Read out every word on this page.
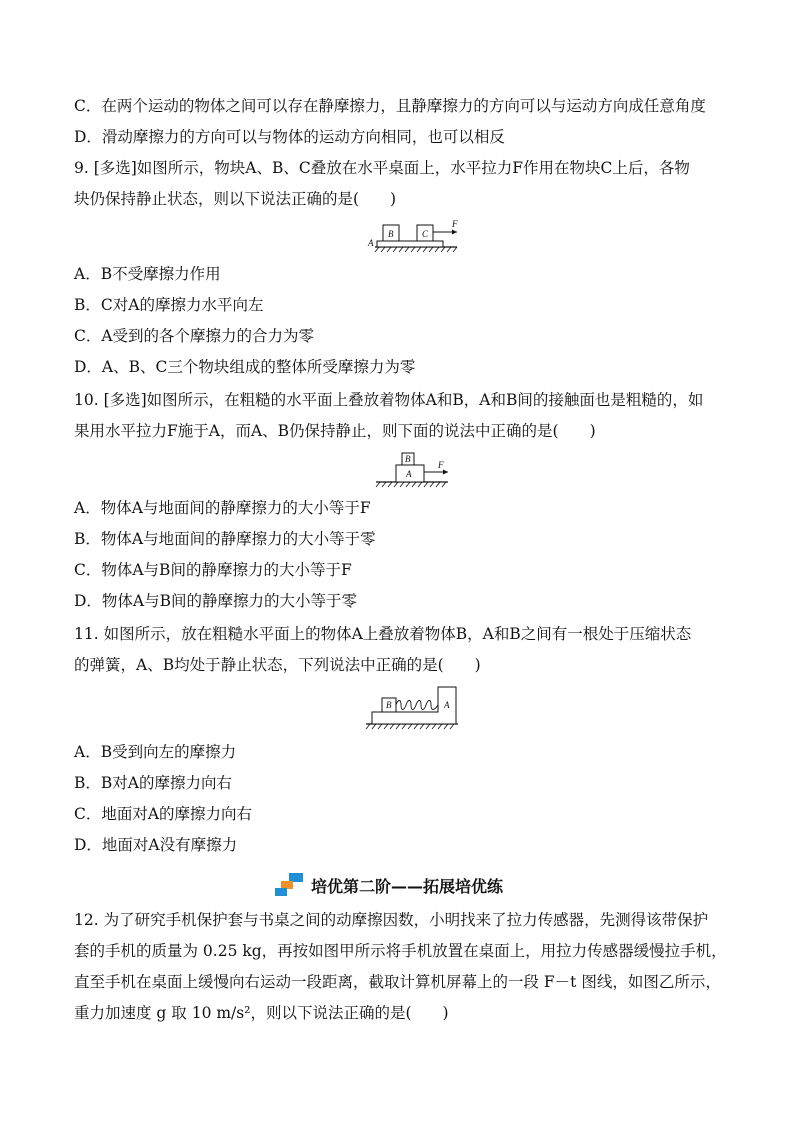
C．在两个运动的物体之间可以存在静摩擦力，且静摩擦力的方向可以与运动方向成任意角度
D．滑动摩擦力的方向可以与物体的运动方向相同，也可以相反
9. [多选]如图所示，物块A、B、C叠放在水平桌面上，水平拉力F作用在物块C上后，各物
块仍保持静止状态，则以下说法正确的是(　　)
A
B	C
F
A．B不受摩擦力作用
B．C对A的摩擦力水平向左
C．A受到的各个摩擦力的合力为零
D．A、B、C三个物块组成的整体所受摩擦力为零
10. [多选]如图所示，在粗糙的水平面上叠放着物体A和B，A和B间的接触面也是粗糙的，如
果用水平拉力F施于A，而A、B仍保持静止，则下面的说法中正确的是(　　)
A
B
F
A．物体A与地面间的静摩擦力的大小等于F
B．物体A与地面间的静摩擦力的大小等于零
C．物体A与B间的静摩擦力的大小等于F
D．物体A与B间的静摩擦力的大小等于零
11. 如图所示，放在粗糙水平面上的物体A上叠放着物体B，A和B之间有一根处于压缩状态
的弹簧，A、B均处于静止状态，下列说法中正确的是(　　)
B	A
A．B受到向左的摩擦力
B．B对A的摩擦力向右
C．地面对A的摩擦力向右
D．地面对A没有摩擦力
培优第二阶——拓展培优练
12. 为了研究手机保护套与书桌之间的动摩擦因数，小明找来了拉力传感器，先测得该带保护
套的手机的质量为 0.25 kg，再按如图甲所示将手机放置在桌面上，用拉力传感器缓慢拉手机，
直至手机在桌面上缓慢向右运动一段距离，截取计算机屏幕上的一段 F－t 图线，如图乙所示，
重力加速度 g 取 10 m/s²，则以下说法正确的是(　　)
